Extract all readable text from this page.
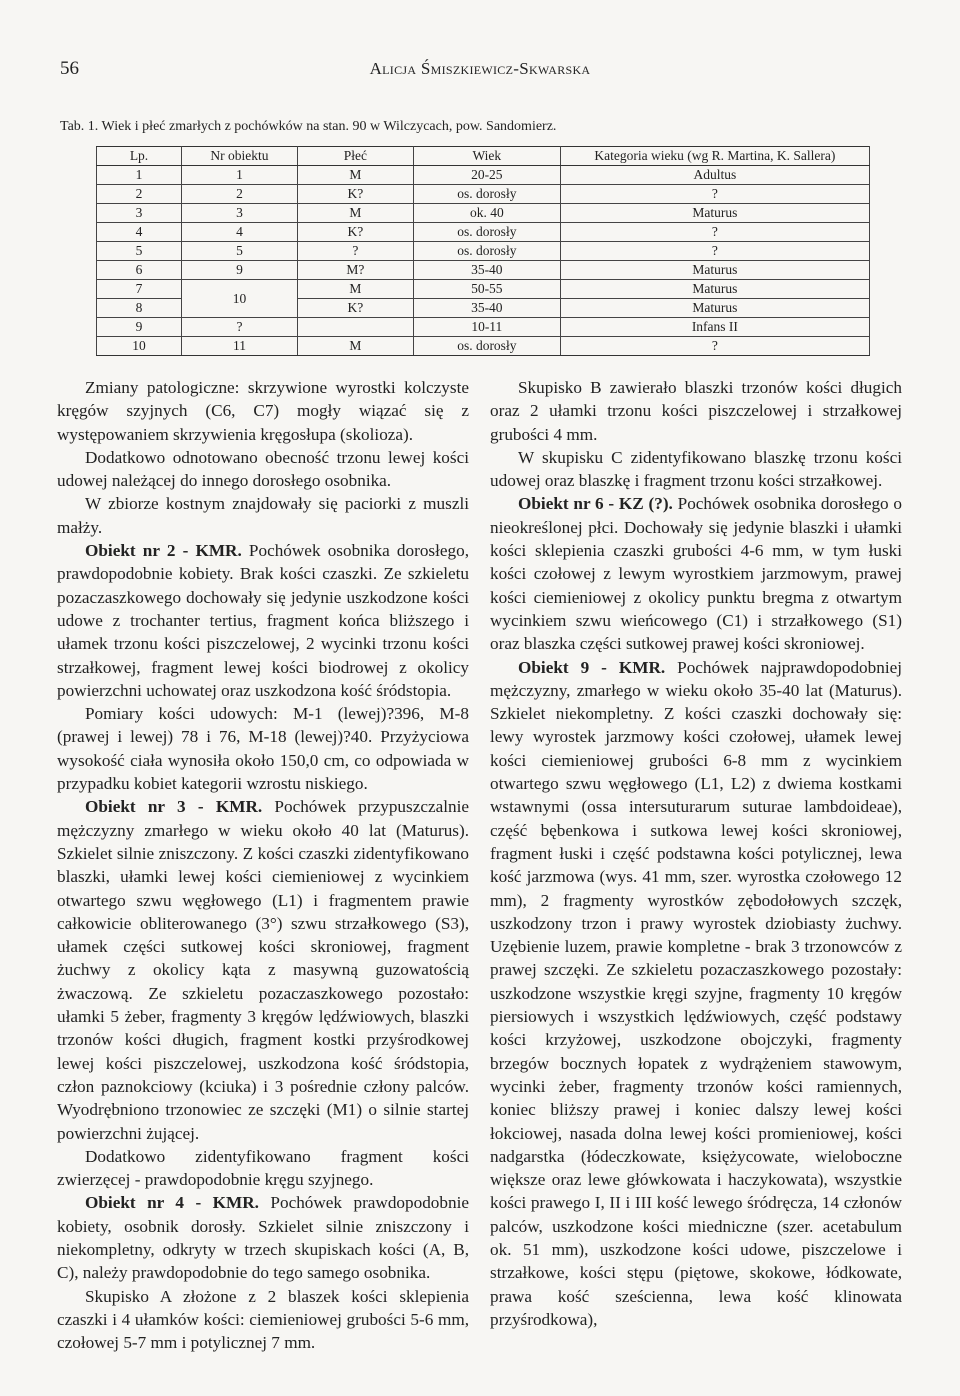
56	Alicja Śmiszkiewicz-Skwarska
Tab. 1. Wiek i płeć zmarłych z pochówków na stan. 90 w Wilczycach, pow. Sandomierz.
Lp.	Nr obiektu	Płeć	Wiek	Kategoria wieku (wg R. Martina, K. Sallera)
1	1	M	20-25	Adultus
2	2	K?	os. dorosły	?
3	3	M	ok. 40	Maturus
4	4	K?	os. dorosły	?
5	5	?	os. dorosły	?
6	9	M?	35-40	Maturus
7	10	M	50-55	Maturus
8		K?	35-40	Maturus
9	?		10-11	Infans II
10	11	M	os. dorosły	?

Zmiany patologiczne: skrzywione wyrostki kolczyste kręgów szyjnych (C6, C7) mogły wiązać się z występowaniem skrzywienia kręgosłupa (skolioza).

Dodatkowo odnotowano obecność trzonu lewej kości udowej należącej do innego dorosłego osobnika.

W zbiorze kostnym znajdowały się paciorki z muszli małży.

Obiekt nr 2 - KMR. Pochówek osobnika dorosłego, prawdopodobnie kobiety. Brak kości czaszki. Ze szkieletu pozaczaszkowego dochowały się jedynie uszkodzone kości udowe z trochanter tertius, fragment końca bliższego i ułamek trzonu kości piszczelowej, 2 wycinki trzonu kości strzałkowej, fragment lewej kości biodrowej z okolicy powierzchni uchowatej oraz uszkodzona kość śródstopia.

Pomiary kości udowych: M-1 (lewej)?396, M-8 (prawej i lewej) 78 i 76, M-18 (lewej)?40. Przyżyciowa wysokość ciała wynosiła około 150,0 cm, co odpowiada w przypadku kobiet kategorii wzrostu niskiego.

Obiekt nr 3 - KMR. Pochówek przypuszczalnie mężczyzny zmarłego w wieku około 40 lat (Maturus). Szkielet silnie zniszczony. Z kości czaszki zidentyfikowano blaszki, ułamki lewej kości ciemieniowej z wycinkiem otwartego szwu węgłowego (L1) i fragmentem prawie całkowicie obliterowanego (3°) szwu strzałkowego (S3), ułamek części sutkowej kości skroniowej, fragment żuchwy z okolicy kąta z masywną guzowatością żwaczową. Ze szkieletu pozaczaszkowego pozostało: ułamki 5 żeber, fragmenty 3 kręgów lędźwiowych, blaszki trzonów kości długich, fragment kostki przyśrodkowej lewej kości piszczelowej, uszkodzona kość śródstopia, człon paznokciowy (kciuka) i 3 pośrednie człony palców. Wyodrębniono trzonowiec ze szczęki (M1) o silnie startej powierzchni żującej.

Dodatkowo zidentyfikowano fragment kości zwierzęcej - prawdopodobnie kręgu szyjnego.

Obiekt nr 4 - KMR. Pochówek prawdopodobnie kobiety, osobnik dorosły. Szkielet silnie zniszczony i niekompletny, odkryty w trzech skupiskach kości (A, B, C), należy prawdopodobnie do tego samego osobnika.

Skupisko A złożone z 2 blaszek kości sklepienia czaszki i 4 ułamków kości: ciemieniowej grubości 5-6 mm, czołowej 5-7 mm i potylicznej 7 mm.

Skupisko B zawierało blaszki trzonów kości długich oraz 2 ułamki trzonu kości piszczelowej i strzałkowej grubości 4 mm.

W skupisku C zidentyfikowano blaszkę trzonu kości udowej oraz blaszkę i fragment trzonu kości strzałkowej.

Obiekt nr 6 - KZ (?). Pochówek osobnika dorosłego o nieokreślonej płci. Dochowały się jedynie blaszki i ułamki kości sklepienia czaszki grubości 4-6 mm, w tym łuski kości czołowej z lewym wyrostkiem jarzmowym, prawej kości ciemieniowej z okolicy punktu bregma z otwartym wycinkiem szwu wieńcowego (C1) i strzałkowego (S1) oraz blaszka części sutkowej prawej kości skroniowej.

Obiekt 9 - KMR. Pochówek najprawdopodobniej mężczyzny, zmarłego w wieku około 35-40 lat (Maturus). Szkielet niekompletny. Z kości czaszki dochowały się: lewy wyrostek jarzmowy kości czołowej, ułamek lewej kości ciemieniowej grubości 6-8 mm z wycinkiem otwartego szwu węgłowego (L1, L2) z dwiema kostkami wstawnymi (ossa intersuturarum suturae lambdoideae), część bębenkowa i sutkowa lewej kości skroniowej, fragment łuski i część podstawna kości potylicznej, lewa kość jarzmowa (wys. 41 mm, szer. wyrostka czołowego 12 mm), 2 fragmenty wyrostków zębodołowych szczęk, uszkodzony trzon i prawy wyrostek dziobiasty żuchwy. Uzębienie luzem, prawie kompletne - brak 3 trzonowców z prawej szczęki. Ze szkieletu pozaczaszkowego pozostały: uszkodzone wszystkie kręgi szyjne, fragmenty 10 kręgów piersiowych i wszystkich lędźwiowych, część podstawy kości krzyżowej, uszkodzone obojczyki, fragmenty brzegów bocznych łopatek z wydrążeniem stawowym, wycinki żeber, fragmenty trzonów kości ramiennych, koniec bliższy prawej i koniec dalszy lewej kości łokciowej, nasada dolna lewej kości promieniowej, kości nadgarstka (łódeczkowate, księżycowate, wieloboczne większe oraz lewe główkowata i haczykowata), wszystkie kości prawego I, II i III kość lewego śródręcza, 14 członów palców, uszkodzone kości miedniczne (szer. acetabulum ok. 51 mm), uszkodzone kości udowe, piszczelowe i strzałkowe, kości stępu (piętowe, skokowe, łódkowate, prawa kość sześcienna, lewa kość klinowata przyśrodkowa),
